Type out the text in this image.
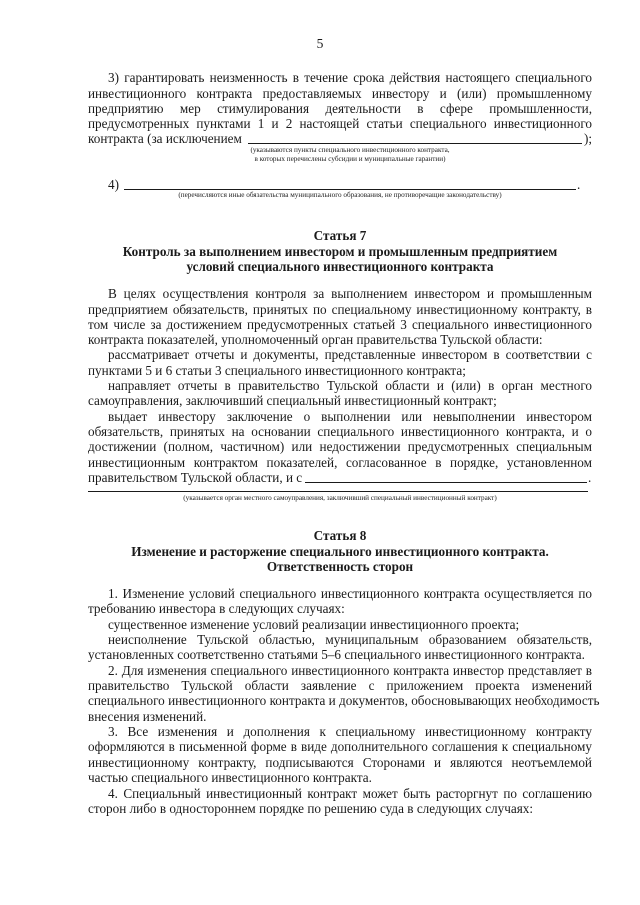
5
3) гарантировать неизменность в течение срока действия настоящего специального
инвестиционного контракта предоставляемых инвестору и (или) промышленному
предприятию мер стимулирования деятельности в сфере промышленности,
предусмотренных пунктами 1 и 2 настоящей статьи специального инвестиционного
контракта (за исключением	);
(указываются пункты специального инвестиционного контракта,
в которых перечислены субсидии и муниципальные гарантии)
4)	.
(перечисляются иные обязательства муниципального образования, не противоречащие законодательству)
Статья 7
Контроль за выполнением инвестором и промышленным предприятием
условий специального инвестиционного контракта
В целях осуществления контроля за выполнением инвестором и промышленным
предприятием обязательств, принятых по специальному инвестиционному контракту, в
том числе за достижением предусмотренных статьей 3 специального инвестиционного
контракта показателей, уполномоченный орган правительства Тульской области:
рассматривает отчеты и документы, представленные инвестором в соответствии с
пунктами 5 и 6 статьи 3 специального инвестиционного контракта;
направляет отчеты в правительство Тульской области и (или) в орган местного
самоуправления, заключивший специальный инвестиционный контракт;
выдает инвестору заключение о выполнении или невыполнении инвестором
обязательств, принятых на основании специального инвестиционного контракта, и о
достижении (полном, частичном) или недостижении предусмотренных специальным
инвестиционным контрактом показателей, согласованное в порядке, установленном
правительством Тульской области, и с	.
(указывается орган местного самоуправления, заключивший специальный инвестиционный контракт)
Статья 8
Изменение и расторжение специального инвестиционного контракта.
Ответственность сторон
1. Изменение условий специального инвестиционного контракта осуществляется по
требованию инвестора в следующих случаях:
существенное изменение условий реализации инвестиционного проекта;
неисполнение Тульской областью, муниципальным образованием обязательств,
установленных соответственно статьями 5–6 специального инвестиционного контракта.
2. Для изменения специального инвестиционного контракта инвестор представляет в
правительство Тульской области заявление с приложением проекта изменений
специального инвестиционного контракта и документов, обосновывающих необходимость
внесения изменений.
3. Все изменения и дополнения к специальному инвестиционному контракту
оформляются в письменной форме в виде дополнительного соглашения к специальному
инвестиционному контракту, подписываются Сторонами и являются неотъемлемой
частью специального инвестиционного контракта.
4. Специальный инвестиционный контракт может быть расторгнут по соглашению
сторон либо в одностороннем порядке по решению суда в следующих случаях:
